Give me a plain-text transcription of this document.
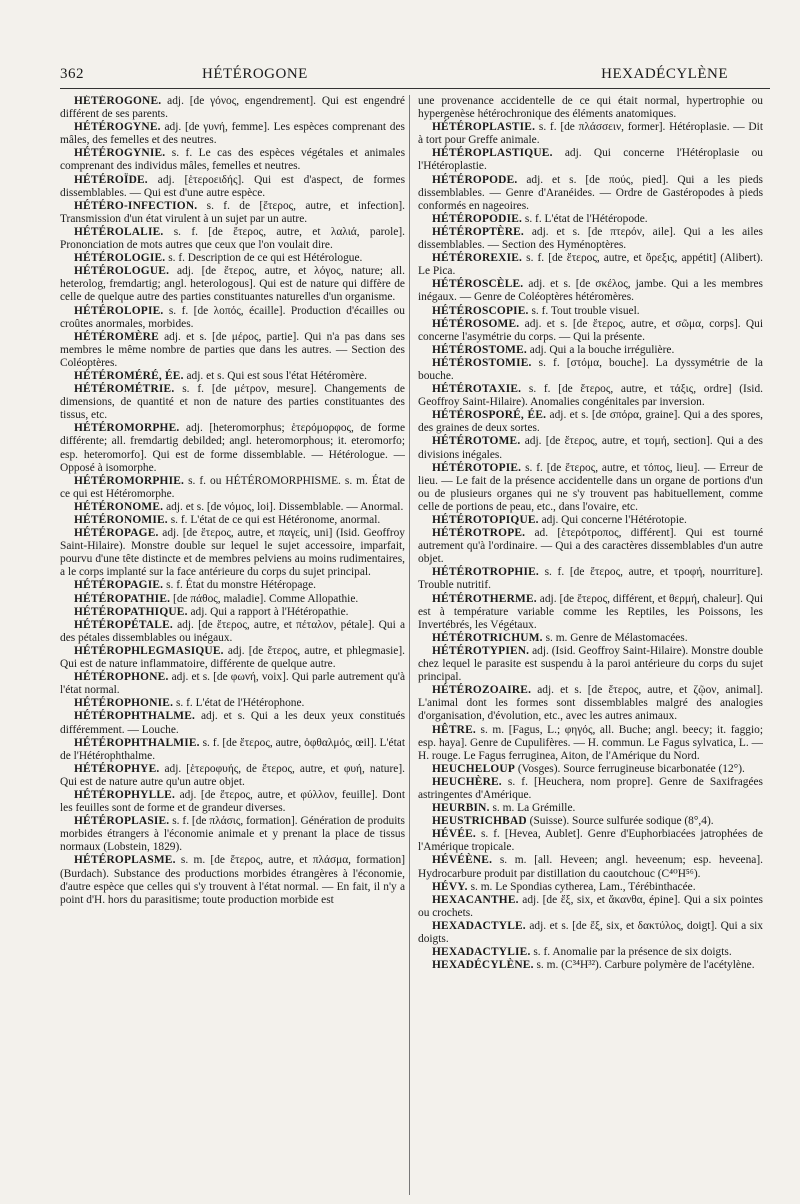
362	HÉTÉROGONE	HEXADÉCYLÈNE

HÉTÉROGONE. adj. [de γόνος, engendrement]. Qui est engendré différent de ses parents.

HÉTÉROGYNE. adj. [de γυνή, femme]. Les espèces comprenant des mâles, des femelles et des neutres.

HÉTÉROGYNIE. s. f. Le cas des espèces végétales et animales comprenant des individus mâles, femelles et neutres.

HÉTÉROÏDE. adj. [ἑτεροειδής]. Qui est d'aspect, de formes dissemblables. — Qui est d'une autre espèce.

HÉTÉRO-INFECTION. s. f. de [ἕτερος, autre, et infection]. Transmission d'un état virulent à un sujet par un autre.

HÉTÉROLALIE. s. f. [de ἕτερος, autre, et λαλιά, parole]. Prononciation de mots autres que ceux que l'on voulait dire.

HÉTÉROLOGIE. s. f. Description de ce qui est Hétérologue.

HÉTÉROLOGUE. adj. [de ἕτερος, autre, et λόγος, nature; all. heterolog, fremdartig; angl. heterologous]. Qui est de nature qui diffère de celle de quelque autre des parties constituantes naturelles d'un organisme.

HÉTÉROLOPIE. s. f. [de λοπός, écaille]. Production d'écailles ou croûtes anormales, morbides.

HÉTÉROMÈRE adj. et s. [de μέρος, partie]. Qui n'a pas dans ses membres le même nombre de parties que dans les autres. — Section des Coléoptères.

HÉTÉROMÉRÉ, ÉE. adj. et s. Qui est sous l'état Hétéromère.

HÉTÉROMÉTRIE. s. f. [de μέτρον, mesure]. Changements de dimensions, de quantité et non de nature des parties constituantes des tissus, etc.

HÉTÉROMORPHE. adj. [heteromorphus; ἑτερόμορφος, de forme différente; all. fremdartig debilded; angl. heteromorphous; it. eteromorfo; esp. heteromorfo]. Qui est de forme dissemblable. — Hétérologue. — Opposé à isomorphe.

HÉTÉROMORPHIE. s. f. ou HÉTÉROMORPHISME. s. m. État de ce qui est Hétéromorphe.

HÉTÉRONOME. adj. et s. [de νόμος, loi]. Dissemblable. — Anormal.

HÉTÉRONOMIE. s. f. L'état de ce qui est Hétéronome, anormal.

HÉTÉROPAGE. adj. [de ἕτερος, autre, et παγείς, uni] (Isid. Geoffroy Saint-Hilaire). Monstre double sur lequel le sujet accessoire, imparfait, pourvu d'une tête distincte et de membres pelviens au moins rudimentaires, a le corps implanté sur la face antérieure du corps du sujet principal.

HÉTÉROPAGIE. s. f. État du monstre Hétéropage.

HÉTÉROPATHIE. [de πάθος, maladie]. Comme Allopathie.

HÉTÉROPATHIQUE. adj. Qui a rapport à l'Hétéropathie.

HÉTÉROPÉTALE. adj. [de ἕτερος, autre, et πέταλον, pétale]. Qui a des pétales dissemblables ou inégaux.

HÉTÉROPHLEGMASIQUE. adj. [de ἕτερος, autre, et phlegmasie]. Qui est de nature inflammatoire, différente de quelque autre.

HÉTÉROPHONE. adj. et s. [de φωνή, voix]. Qui parle autrement qu'à l'état normal.

HÉTÉROPHONIE. s. f. L'état de l'Hétérophone.

HÉTÉROPHTHALME. adj. et s. Qui a les deux yeux constitués différemment. — Louche.

HÉTÉROPHTHALMIE. s. f. [de ἕτερος, autre, ὀφθαλμός, œil]. L'état de l'Hétérophthalme.

HÉTÉROPHYE. adj. [ἑτεροφυής, de ἕτερος, autre, et φυή, nature]. Qui est de nature autre qu'un autre objet.

HÉTÉROPHYLLE. adj. [de ἕτερος, autre, et φύλλον, feuille]. Dont les feuilles sont de forme et de grandeur diverses.

HÉTÉROPLASIE. s. f. [de πλάσις, formation]. Génération de produits morbides étrangers à l'économie animale et y prenant la place de tissus normaux (Lobstein, 1829).

HÉTÉROPLASME. s. m. [de ἕτερος, autre, et πλάσμα, formation] (Burdach). Substance des productions morbides étrangères à l'économie, d'autre espèce que celles qui s'y trouvent à l'état normal. — En fait, il n'y a point d'H. hors du parasitisme; toute production morbide est

une provenance accidentelle de ce qui était normal, hypertrophie ou hypergenèse hétérochronique des éléments anatomiques.

HÉTÉROPLASTIE. s. f. [de πλάσσειν, former]. Hétéroplasie. — Dit à tort pour Greffe animale.

HÉTÉROPLASTIQUE. adj. Qui concerne l'Hétéroplasie ou l'Hétéroplastie.

HÉTÉROPODE. adj. et s. [de πούς, pied]. Qui a les pieds dissemblables. — Genre d'Aranéides. — Ordre de Gastéropodes à pieds conformés en nageoires.

HÉTÉROPODIE. s. f. L'état de l'Hétéropode.

HÉTÉROPTÈRE. adj. et s. [de πτερόν, aile]. Qui a les ailes dissemblables. — Section des Hyménoptères.

HÉTÉROREXIE. s. f. [de ἕτερος, autre, et ὄρεξις, appétit] (Alibert). Le Pica.

HÉTÉROSCÈLE. adj. et s. [de σκέλος, jambe. Qui a les membres inégaux. — Genre de Coléoptères hétéromères.

HÉTÉROSCOPIE. s. f. Tout trouble visuel.

HÉTÉROSOME. adj. et s. [de ἕτερος, autre, et σῶμα, corps]. Qui concerne l'asymétrie du corps. — Qui la présente.

HÉTÉROSTOME. adj. Qui a la bouche irrégulière.

HÉTÉROSTOMIE. s. f. [στόμα, bouche]. La dyssymétrie de la bouche.

HÉTÉROTAXIE. s. f. [de ἕτερος, autre, et τάξις, ordre] (Isid. Geoffroy Saint-Hilaire). Anomalies congénitales par inversion.

HÉTÉROSPORÉ, ÉE. adj. et s. [de σπόρα, graine]. Qui a des spores, des graines de deux sortes.

HÉTÉROTOME. adj. [de ἕτερος, autre, et τομή, section]. Qui a des divisions inégales.

HÉTÉROTOPIE. s. f. [de ἕτερος, autre, et τόπος, lieu]. — Erreur de lieu. — Le fait de la présence accidentelle dans un organe de portions d'un ou de plusieurs organes qui ne s'y trouvent pas habituellement, comme celle de portions de peau, etc., dans l'ovaire, etc.

HÉTÉROTOPIQUE. adj. Qui concerne l'Hétérotopie.

HÉTÉROTROPE. ad. [ἑτερότροπος, différent]. Qui est tourné autrement qu'à l'ordinaire. — Qui a des caractères dissemblables d'un autre objet.

HÉTÉROTROPHIE. s. f. [de ἕτερος, autre, et τροφή, nourriture]. Trouble nutritif.

HÉTÉROTHERME. adj. [de ἕτερος, différent, et θερμή, chaleur]. Qui est à température variable comme les Reptiles, les Poissons, les Invertébrés, les Végétaux.

HÉTÉROTRICHUM. s. m. Genre de Mélastomacées.

HÉTÉROTYPIEN. adj. (Isid. Geoffroy Saint-Hilaire). Monstre double chez lequel le parasite est suspendu à la paroi antérieure du corps du sujet principal.

HÉTÉROZOAIRE. adj. et s. [de ἕτερος, autre, et ζῷον, animal]. L'animal dont les formes sont dissemblables malgré des analogies d'organisation, d'évolution, etc., avec les autres animaux.

HÊTRE. s. m. [Fagus, L.; φηγός, all. Buche; angl. beecy; it. faggio; esp. haya]. Genre de Cupulifères. — H. commun. Le Fagus sylvatica, L. — H. rouge. Le Fagus ferruginea, Aiton, de l'Amérique du Nord.

HEUCHELOUP (Vosges). Source ferrugineuse bicarbonatée (12°).

HEUCHÈRE. s. f. [Heuchera, nom propre]. Genre de Saxifragées astringentes d'Amérique.

HEURBIN. s. m. La Grémille.

HEUSTRICHBAD (Suisse). Source sulfurée sodique (8°,4).

HÉVÉE. s. f. [Hevea, Aublet]. Genre d'Euphorbiacées jatrophées de l'Amérique tropicale.

HÉVÉÈNE. s. m. [all. Heveen; angl. heveenum; esp. heveena]. Hydrocarbure produit par distillation du caoutchouc (C⁴⁰H⁵⁶).

HÉVY. s. m. Le Spondias cytherea, Lam., Térébinthacée.

HEXACANTHE. adj. [de ἕξ, six, et ἄκανθα, épine]. Qui a six pointes ou crochets.

HEXADACTYLE. adj. et s. [de ἕξ, six, et δακτύλος, doigt]. Qui a six doigts.

HEXADACTYLIE. s. f. Anomalie par la présence de six doigts.

HEXADÉCYLÈNE. s. m. (C³⁴H³²). Carbure polymère de l'acétylène.
